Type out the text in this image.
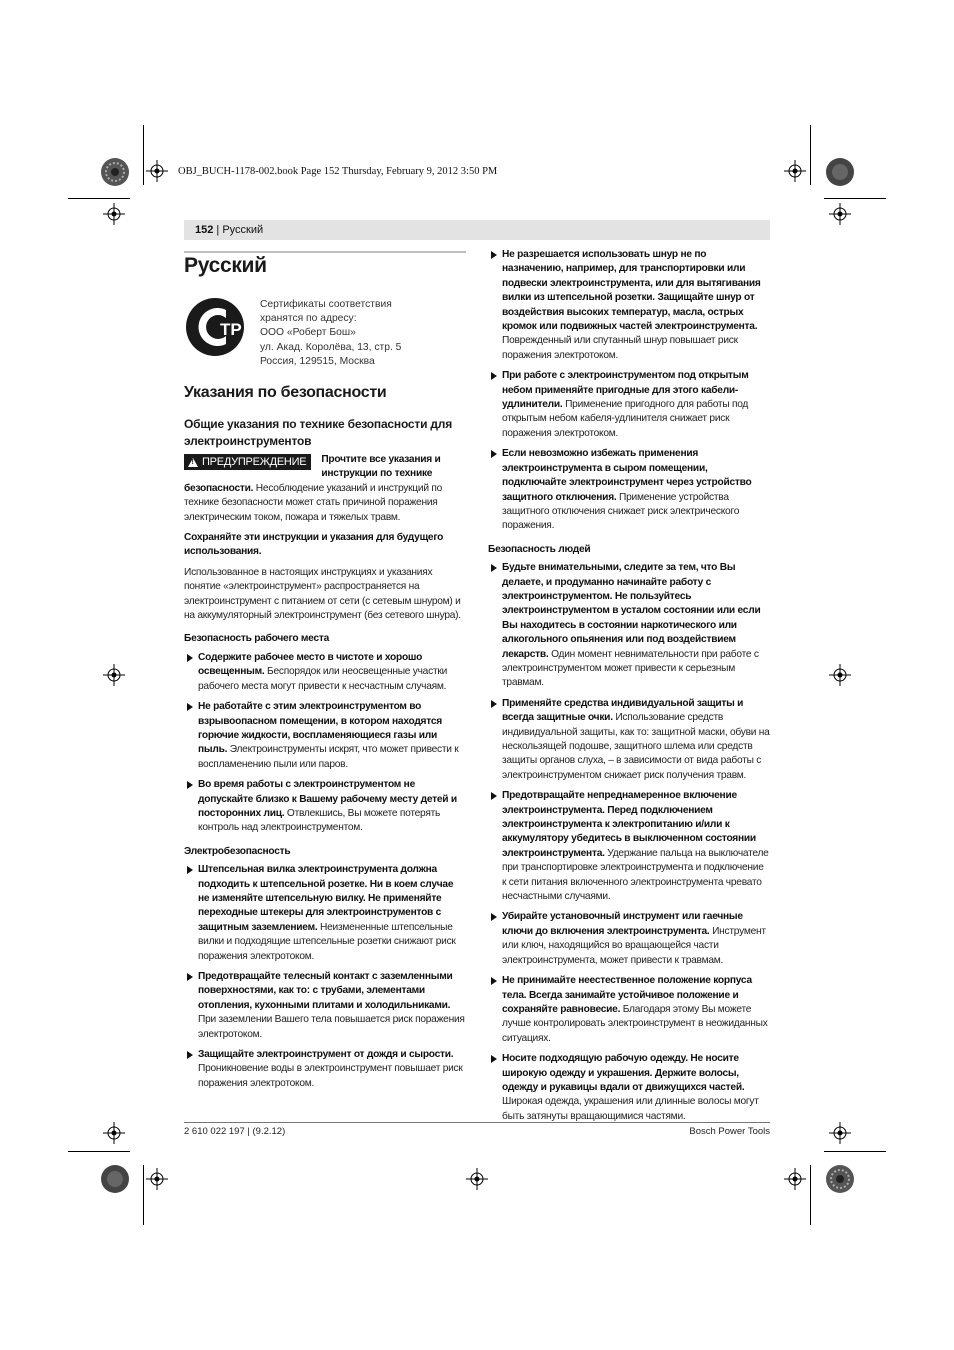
OBJ_BUCH-1178-002.book Page 152 Thursday, February 9, 2012 3:50 PM
152 | Русский
Русский
ТР
Сертификаты соответствия
хранятся по адресу:
ООО «Роберт Бош»
ул. Акад. Королёва, 13, стр. 5
Россия, 129515, Москва
Указания по безопасности
Общие указания по технике безопасности для электроинструментов

! ПРЕДУПРЕЖДЕНИЕ Прочтите все указания и инструкции по технике безопасности. Несоблюдение указаний и инструкций по технике безопасности может стать причиной поражения электрическим током, пожара и тяжелых травм.

Сохраняйте эти инструкции и указания для будущего использования.

Использованное в настоящих инструкциях и указаниях понятие «электроинструмент» распространяется на электроинструмент с питанием от сети (с сетевым шнуром) и на аккумуляторный электроинструмент (без сетевого шнура).

Безопасность рабочего места
Содержите рабочее место в чистоте и хорошо освещенным. Беспорядок или неосвещенные участки рабочего места могут привести к несчастным случаям.
Не работайте с этим электроинструментом во взрывоопасном помещении, в котором находятся горючие жидкости, воспламеняющиеся газы или пыль. Электроинструменты искрят, что может привести к воспламенению пыли или паров.
Во время работы с электроинструментом не допускайте близко к Вашему рабочему месту детей и посторонних лиц. Отвлекшись, Вы можете потерять контроль над электроинструментом.
Электробезопасность
Штепсельная вилка электроинструмента должна подходить к штепсельной розетке. Ни в коем случае не изменяйте штепсельную вилку. Не применяйте переходные штекеры для электроинструментов с защитным заземлением. Неизмененные штепсельные вилки и подходящие штепсельные розетки снижают риск поражения электротоком.
Предотвращайте телесный контакт с заземленными поверхностями, как то: с трубами, элементами отопления, кухонными плитами и холодильниками. При заземлении Вашего тела повышается риск поражения электротоком.
Защищайте электроинструмент от дождя и сырости. Проникновение воды в электроинструмент повышает риск поражения электротоком.
Не разрешается использовать шнур не по назначению, например, для транспортировки или подвески электроинструмента, или для вытягивания вилки из штепсельной розетки. Защищайте шнур от воздействия высоких температур, масла, острых кромок или подвижных частей электроинструмента. Поврежденный или спутанный шнур повышает риск поражения электротоком.
При работе с электроинструментом под открытым небом применяйте пригодные для этого кабели-удлинители. Применение пригодного для работы под открытым небом кабеля-удлинителя снижает риск поражения электротоком.
Если невозможно избежать применения электроинструмента в сыром помещении, подключайте электроинструмент через устройство защитного отключения. Применение устройства защитного отключения снижает риск электрического поражения.
Безопасность людей
Будьте внимательными, следите за тем, что Вы делаете, и продуманно начинайте работу с электроинструментом. Не пользуйтесь электроинструментом в усталом состоянии или если Вы находитесь в состоянии наркотического или алкогольного опьянения или под воздействием лекарств. Один момент невнимательности при работе с электроинструментом может привести к серьезным травмам.
Применяйте средства индивидуальной защиты и всегда защитные очки. Использование средств индивидуальной защиты, как то: защитной маски, обуви на нескользящей подошве, защитного шлема или средств защиты органов слуха, – в зависимости от вида работы с электроинструментом снижает риск получения травм.
Предотвращайте непреднамеренное включение электроинструмента. Перед подключением электроинструмента к электропитанию и/или к аккумулятору убедитесь в выключенном состоянии электроинструмента. Удержание пальца на выключателе при транспортировке электроинструмента и подключение к сети питания включенного электроинструмента чревато несчастными случаями.
Убирайте установочный инструмент или гаечные ключи до включения электроинструмента. Инструмент или ключ, находящийся во вращающейся части электроинструмента, может привести к травмам.
Не принимайте неестественное положение корпуса тела. Всегда занимайте устойчивое положение и сохраняйте равновесие. Благодаря этому Вы можете лучше контролировать электроинструмент в неожиданных ситуациях.
Носите подходящую рабочую одежду. Не носите широкую одежду и украшения. Держите волосы, одежду и рукавицы вдали от движущихся частей. Широкая одежда, украшения или длинные волосы могут быть затянуты вращающимися частями.
2 610 022 197 | (9.2.12)	Bosch Power Tools
